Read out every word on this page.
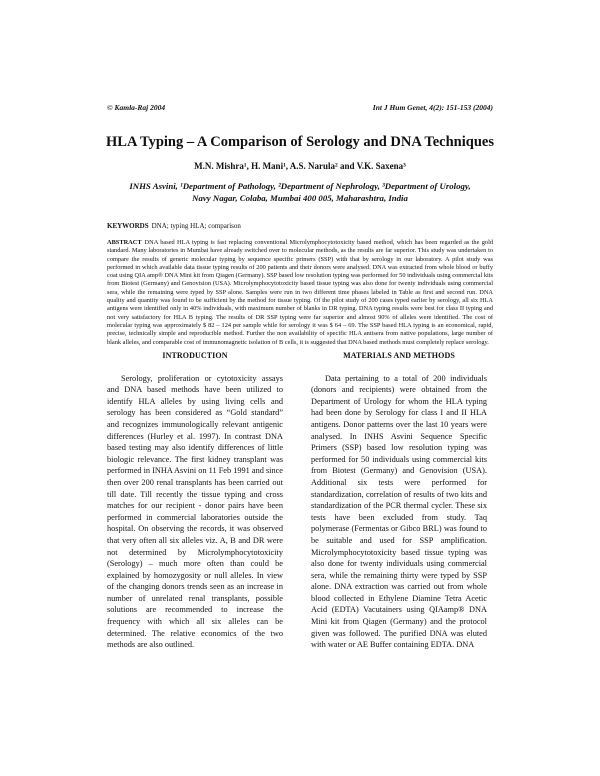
© Kamla-Raj 2004	Int J Hum Genet, 4(2): 151-153 (2004)
HLA Typing – A Comparison of Serology and DNA Techniques
M.N. Mishra¹, H. Mani¹, A.S. Narula² and V.K. Saxena³
INHS Asvini, ¹Department of Pathology, ²Department of Nephrology, ³Department of Urology,
Navy Nagar, Colaba, Mumbai 400 005, Maharashtra, India
KEYWORDS DNA; typing HLA; comparison
ABSTRACT DNA based HLA typing is fast replacing conventional Microlymphocytotoxicity based method, which has been regarded as the gold standard. Many laboratories in Mumbai have already switched over to molecular methods, as the results are far superior. This study was undertaken to compare the results of generic molecular typing by sequence specific primers (SSP) with that by serology in our laboratory. A pilot study was performed in which available data tissue typing results of 200 patients and their donors were analysed. DNA was extracted from whole blood or buffy coat using QIA amp® DNA Mini kit from Qiagen (Germany). SSP based low resolution typing was performed for 50 individuals using commercial kits from Biotest (Germany) and Genovision (USA). Microlymphocytotoxicity based tissue typing was also done for twenty individuals using commercial sera, while the remaining were typed by SSP alone. Samples were run in two different time phases labeled in Table as first and second run. DNA quality and quantity was found to be sufficient by the method for tissue typing. Of the pilot study of 200 cases typed earlier by serology, all six HLA antigens were identified only in 40% individuals, with maximum number of blanks in DR typing. DNA typing results were best for class II typing and not very satisfactory for HLA B typing. The results of DR SSP typing were far superior and almost 90% of alleles were identified. The cost of molecular typing was approximately $ 82 – 124 per sample while for serology it was $ 64 – 69. The SSP based HLA typing is an economical, rapid, precise, technically simple and reproducible method. Further the non availability of specific HLA antisera from native populations, large number of blank alleles, and comparable cost of immunomagnetic isolation of B cells, it is suggested that DNA based methods must completely replace serology.
INTRODUCTION

Serology, proliferation or cytotoxicity assays and DNA based methods have been utilized to identify HLA alleles by using living cells and serology has been considered as “Gold standard” and recognizes immunologically relevant antigenic differences (Hurley et al. 1997). In contrast DNA based testing may also identify differences of little biologic relevance. The first kidney transplant was performed in INHA Asvini on 11 Feb 1991 and since then over 200 renal transplants has been carried out till date. Till recently the tissue typing and cross matches for our recipient - donor pairs have been performed in commercial laboratories outside the hospital. On observing the records, it was observed that very often all six alleles viz. A, B and DR were not determined by Microlymphocytotoxicity (Serology) – much more often than could be explained by homozygosity or null alleles. In view of the changing donors trends seen as an increase in number of unrelated renal transplants, possible solutions are recommended to increase the frequency with which all six alleles can be determined. The relative economics of the two methods are also outlined.

MATERIALS AND METHODS

Data pertaining to a total of 200 individuals (donors and recipients) were obtained from the Department of Urology for whom the HLA typing had been done by Serology for class I and II HLA antigens. Donor patterns over the last 10 years were analysed. In INHS Asvini Sequence Specific Primers (SSP) based low resolution typing was performed for 50 individuals using commercial kits from Biotest (Germany) and Genovision (USA). Additional six tests were performed for standardization, correlation of results of two kits and standardization of the PCR thermal cycler. These six tests have been excluded from study. Taq polymerase (Fermentas or Gibco BRL) was found to be suitable and used for SSP amplification. Microlymphocytotoxicity based tissue typing was also done for twenty individuals using commercial sera, while the remaining thirty were typed by SSP alone. DNA extraction was carried out from whole blood collected in Ethylene Diamine Tetra Acetic Acid (EDTA) Vacutainers using QIAamp® DNA Mini kit from Qiagen (Germany) and the protocol given was followed. The purified DNA was eluted with water or AE Buffer containing EDTA. DNA
